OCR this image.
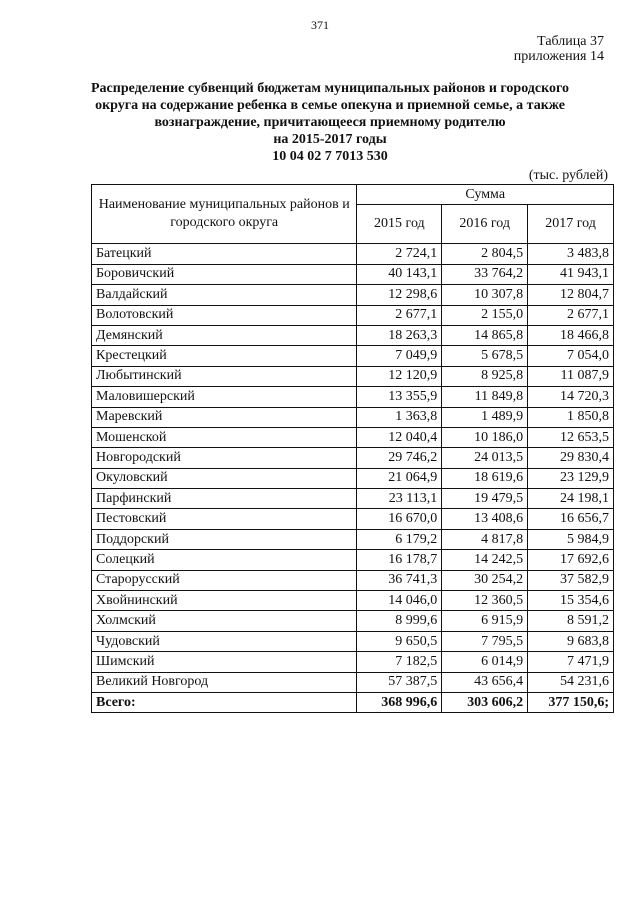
371
Таблица 37
приложения 14
Распределение субвенций бюджетам муниципальных районов и городского
округа на содержание ребенка в семье опекуна и приемной семье, а также
вознаграждение, причитающееся приемному родителю
на 2015-2017 годы
10 04 02 7 7013 530
(тыс. рублей)
Наименование муниципальных районов и городского округа	Сумма		
	2015 год	2016 год	2017 год
Батецкий	2 724,1	2 804,5	3 483,8
Боровичский	40 143,1	33 764,2	41 943,1
Валдайский	12 298,6	10 307,8	12 804,7
Волотовский	2 677,1	2 155,0	2 677,1
Демянский	18 263,3	14 865,8	18 466,8
Крестецкий	7 049,9	5 678,5	7 054,0
Любытинский	12 120,9	8 925,8	11 087,9
Маловишерский	13 355,9	11 849,8	14 720,3
Маревский	1 363,8	1 489,9	1 850,8
Мошенской	12 040,4	10 186,0	12 653,5
Новгородский	29 746,2	24 013,5	29 830,4
Окуловский	21 064,9	18 619,6	23 129,9
Парфинский	23 113,1	19 479,5	24 198,1
Пестовский	16 670,0	13 408,6	16 656,7
Поддорский	6 179,2	4 817,8	5 984,9
Солецкий	16 178,7	14 242,5	17 692,6
Старорусский	36 741,3	30 254,2	37 582,9
Хвойнинский	14 046,0	12 360,5	15 354,6
Холмский	8 999,6	6 915,9	8 591,2
Чудовский	9 650,5	7 795,5	9 683,8
Шимский	7 182,5	6 014,9	7 471,9
Великий Новгород	57 387,5	43 656,4	54 231,6
Всего:	368 996,6	303 606,2	377 150,6;
